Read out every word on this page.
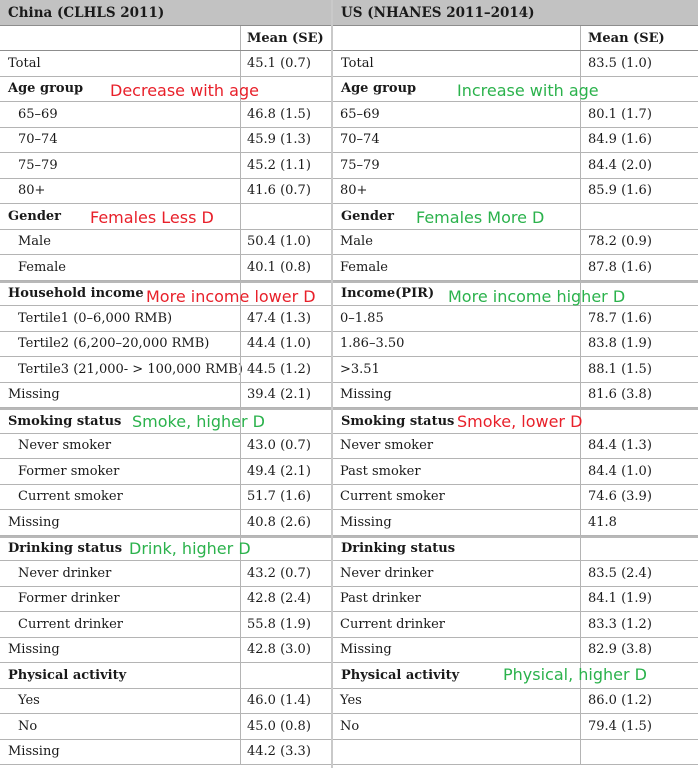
China (CLHLS 2011)
Mean (SE)
Total	45.1 (0.7)
Age group
65–69	46.8 (1.5)
70–74	45.9 (1.3)
75–79	45.2 (1.1)
80+	41.6 (0.7)
Gender
Male	50.4 (1.0)
Female	40.1 (0.8)
Household income
Tertile1 (0–6,000 RMB)	47.4 (1.3)
Tertile2 (6,200–20,000 RMB)	44.4 (1.0)
Tertile3 (21,000- > 100,000 RMB) 44.5 (1.2)
Missing	39.4 (2.1)
Smoking status
Never smoker	43.0 (0.7)
Former smoker	49.4 (2.1)
Current smoker	51.7 (1.6)
Missing	40.8 (2.6)
Drinking status
Never drinker	43.2 (0.7)
Former drinker	42.8 (2.4)
Current drinker	55.8 (1.9)
Missing	42.8 (3.0)
Physical activity
Yes	46.0 (1.4)
No	45.0 (0.8)
Missing	44.2 (3.3)
US (NHANES 2011–2014)
Mean (SE)
Total	83.5 (1.0)
Age group
65–69	80.1 (1.7)
70–74	84.9 (1.6)
75–79	84.4 (2.0)
80+	85.9 (1.6)
Gender
Male	78.2 (0.9)
Female	87.8 (1.6)
Income(PIR)
0–1.85	78.7 (1.6)
1.86–3.50	83.8 (1.9)
>3.51	88.1 (1.5)
Missing	81.6 (3.8)
Smoking status
Never smoker	84.4 (1.3)
Past smoker	84.4 (1.0)
Current smoker	74.6 (3.9)
Missing	41.8
Drinking status
Never drinker	83.5 (2.4)
Past drinker	84.1 (1.9)
Current drinker	83.3 (1.2)
Missing	82.9 (3.8)
Physical activity
Yes	86.0 (1.2)
No	79.4 (1.5)
Decrease with age
Females Less D
More income lower D
Smoke, higher D
Drink, higher D
Increase with age
Females More D
More income higher D
Smoke, lower D
Physical, higher D
